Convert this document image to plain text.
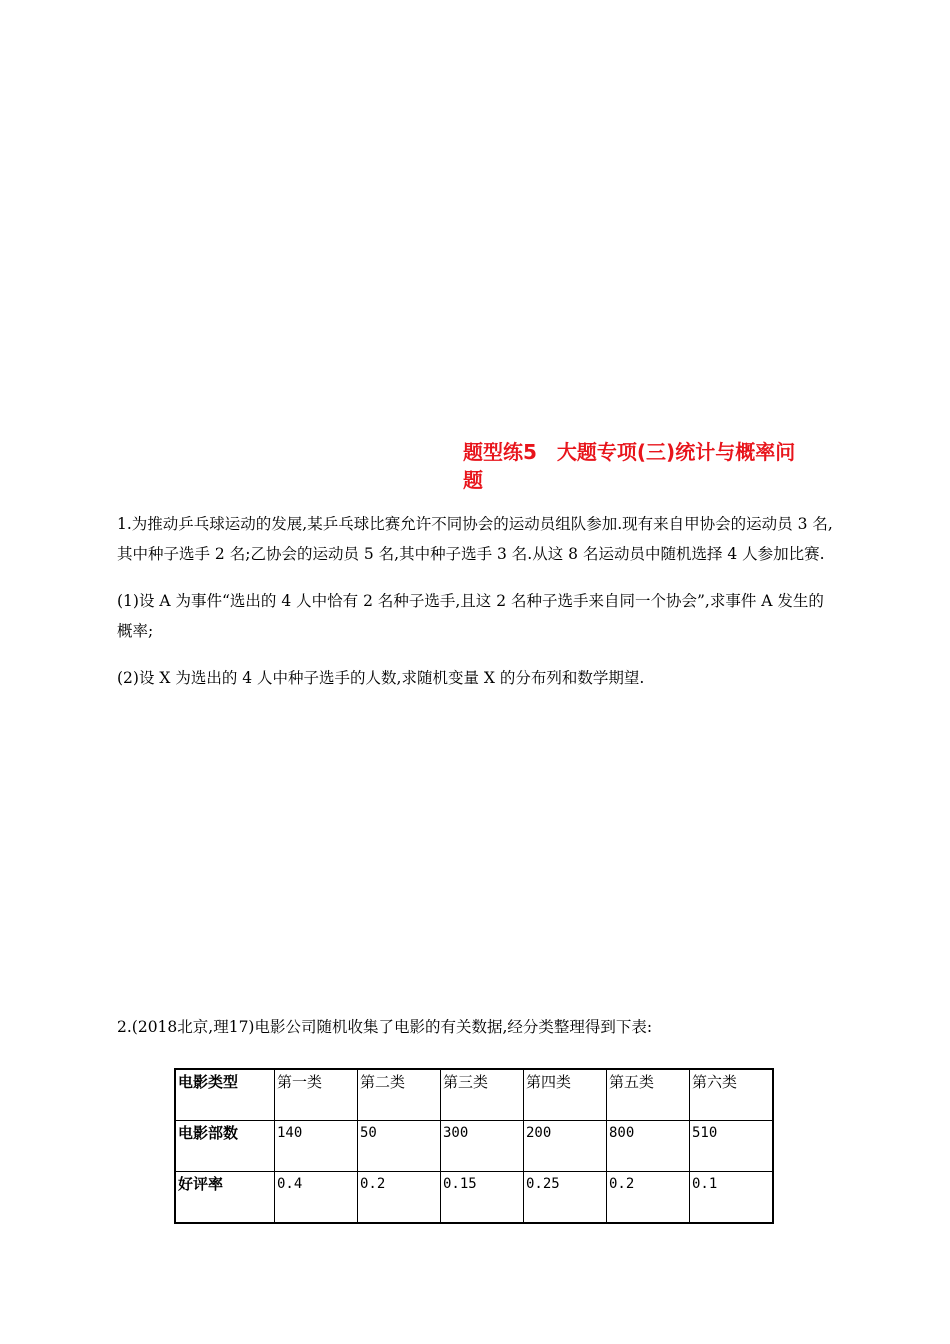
题型练5　大题专项(三)统计与概率问
题

1.为推动乒乓球运动的发展,某乒乓球比赛允许不同协会的运动员组队参加.现有来自甲协会的运动员 3 名,其中种子选手 2 名;乙协会的运动员 5 名,其中种子选手 3 名.从这 8 名运动员中随机选择 4 人参加比赛.

(1)设 A 为事件“选出的 4 人中恰有 2 名种子选手,且这 2 名种子选手来自同一个协会”,求事件 A 发生的概率;

(2)设 X 为选出的 4 人中种子选手的人数,求随机变量 X 的分布列和数学期望.

2.(2018北京,理17)电影公司随机收集了电影的有关数据,经分类整理得到下表:

电影类型	第一类	第二类	第三类	第四类	第五类	第六类
电影部数	140	50	300	200	800	510
好评率	0.4	0.2	0.15	0.25	0.2	0.1
